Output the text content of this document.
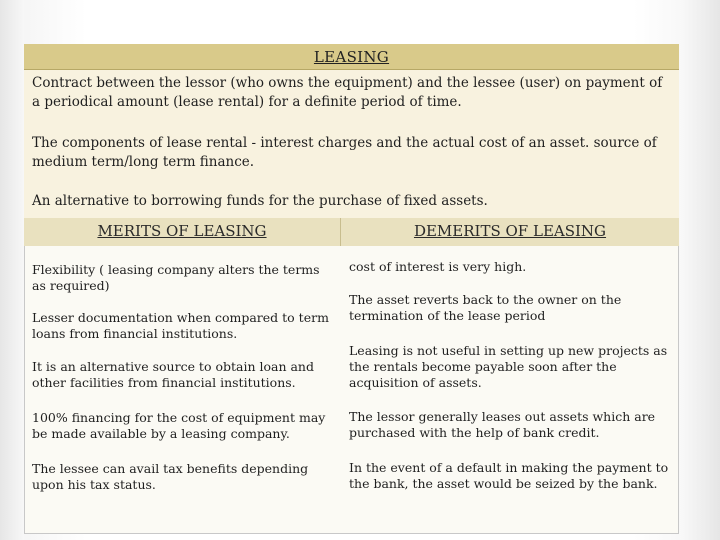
LEASING
Contract between the lessor (who owns the equipment) and the lessee (user) on payment of a periodical amount (lease rental) for a definite period of time.
The components of lease rental - interest charges and the actual cost of an asset. source of medium term/long term finance.
An alternative to borrowing funds for the purchase of fixed assets.
MERITS OF LEASING	DEMERITS OF LEASING
Flexibility ( leasing company alters the terms as required)
Lesser documentation when compared to term loans from financial institutions.
It is an alternative source to obtain loan and other facilities from financial institutions.
100% financing for the cost of equipment may be made available by a leasing company.
The lessee can avail tax benefits depending upon his tax status.
cost of interest is very high.
The asset reverts back to the owner on the termination of the lease period
Leasing is not useful in setting up new projects as the rentals become payable soon after the acquisition of assets.
The lessor generally leases out assets which are purchased with the help of bank credit.
In the event of a default in making the payment to the bank, the asset would be seized by the bank.
